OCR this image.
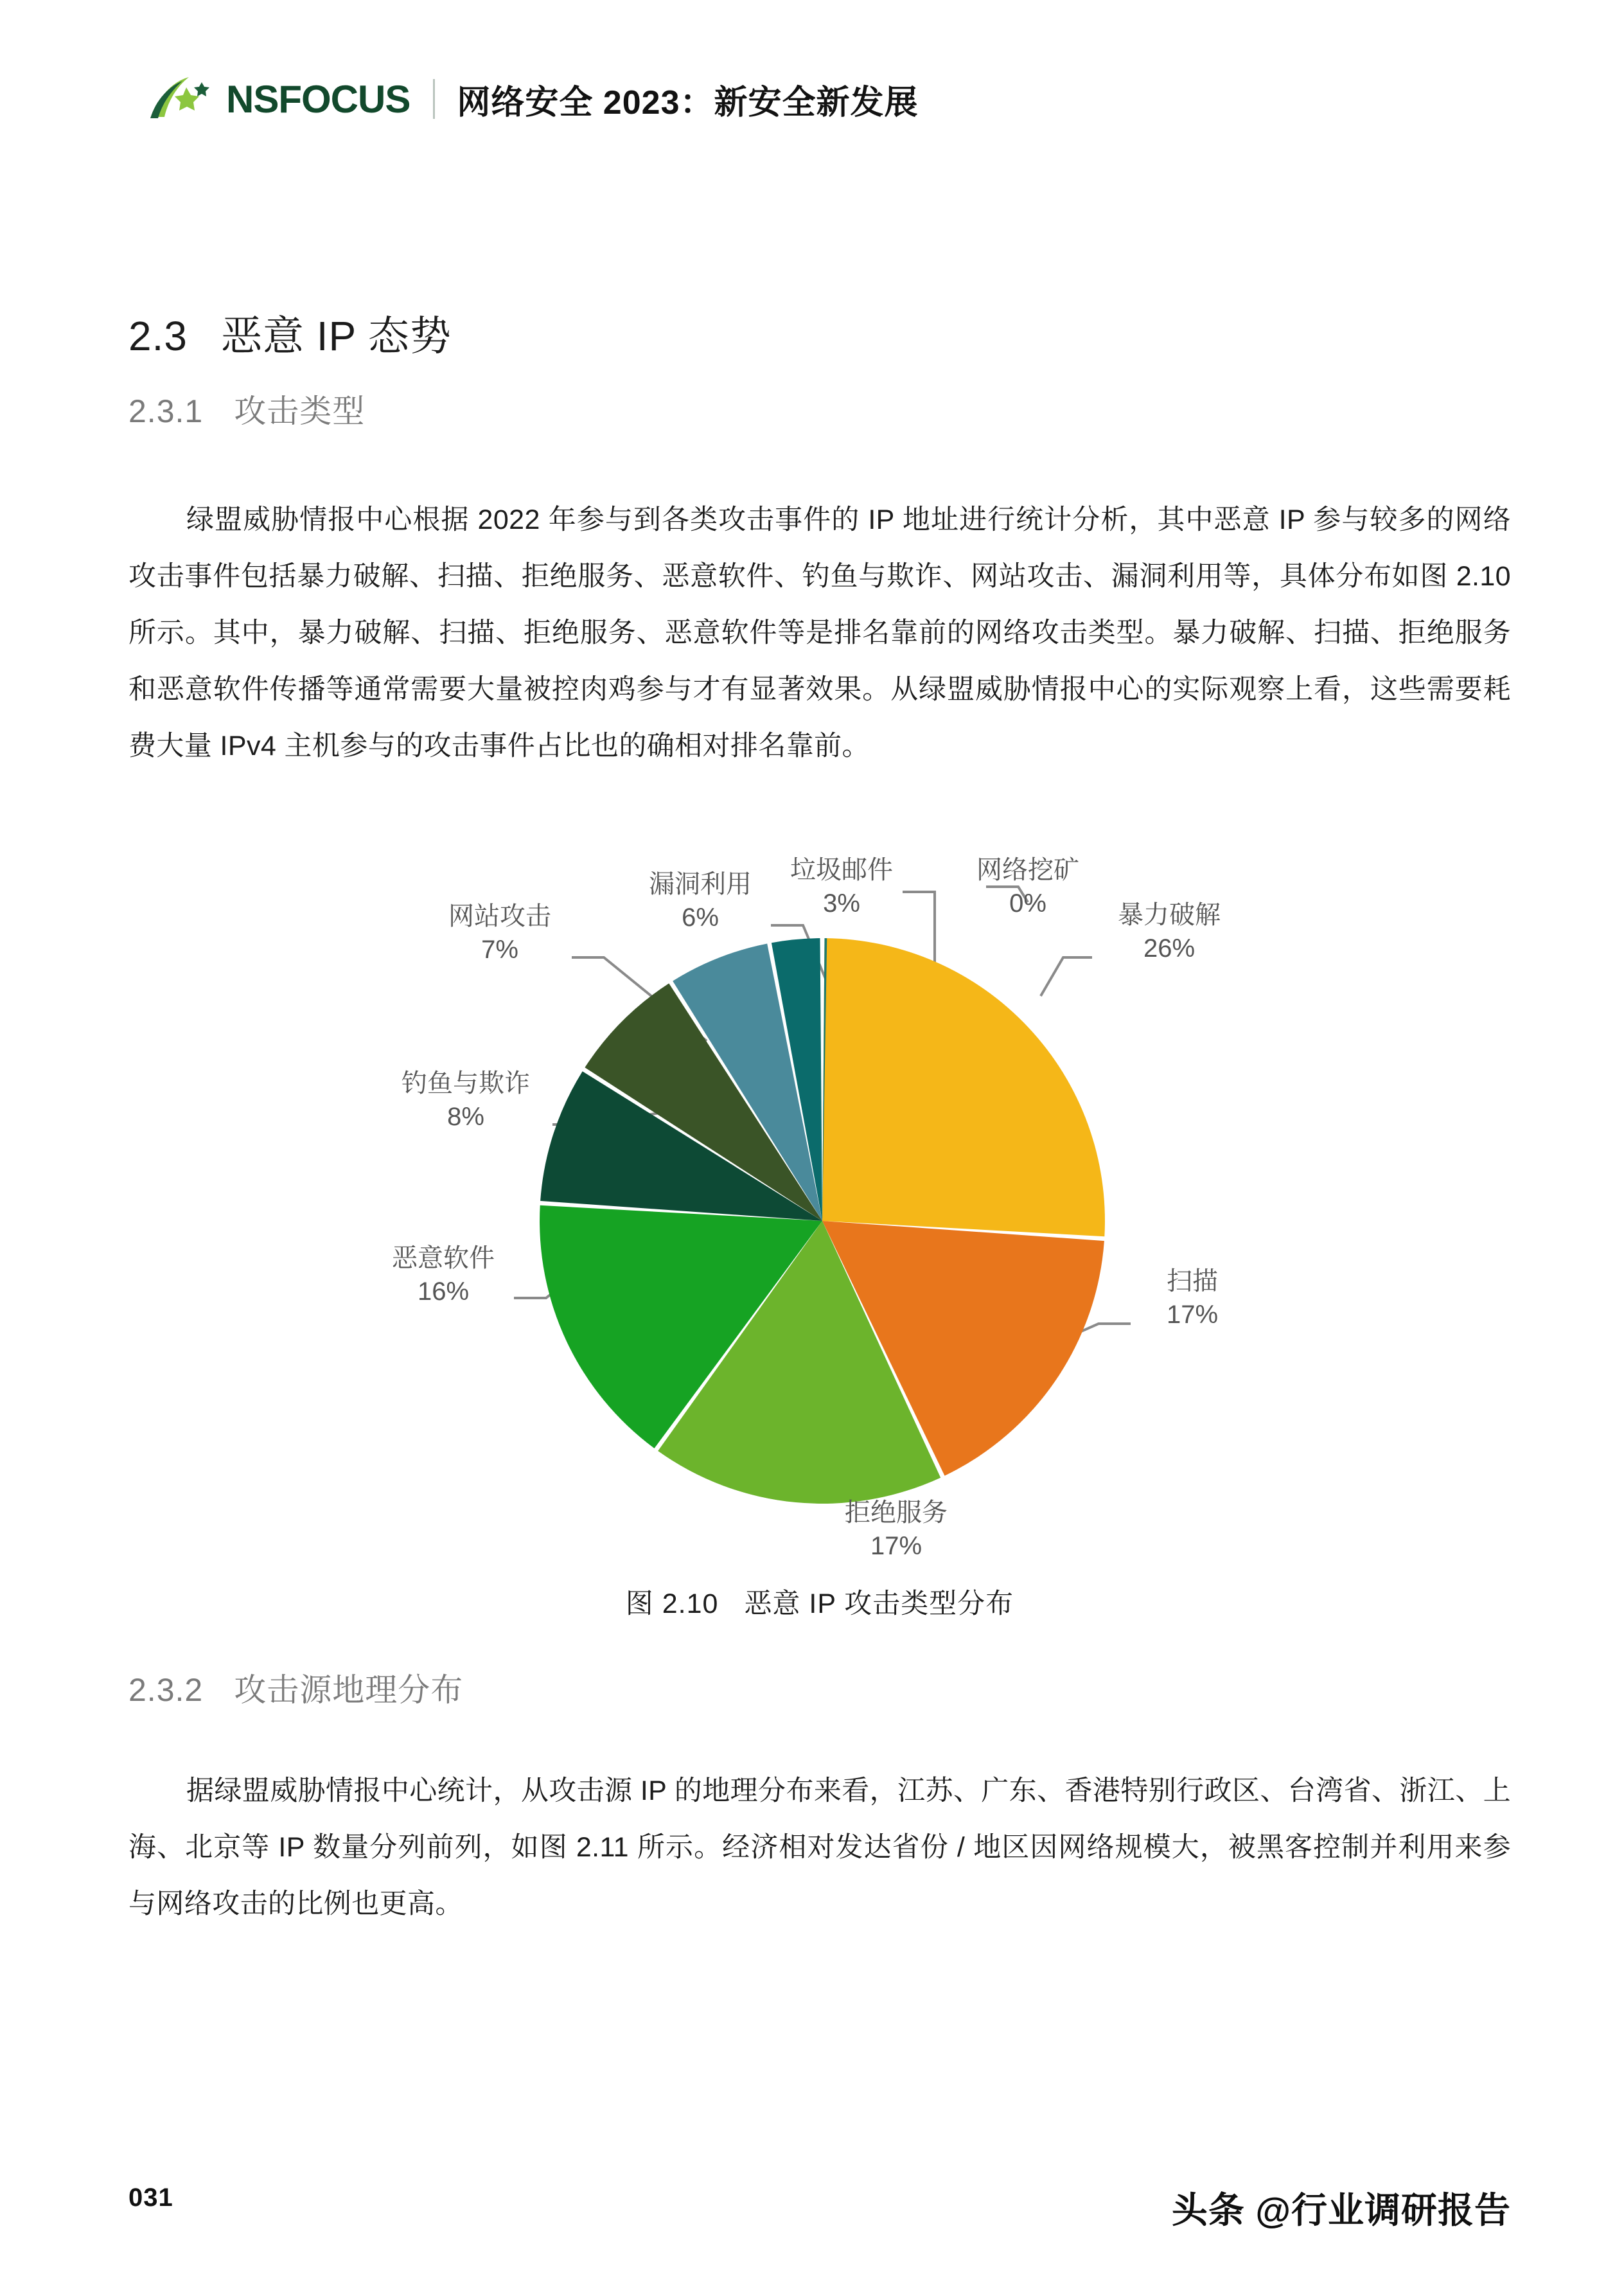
NSFOCUS 网络安全 2023：新安全新发展
2.3 恶意 IP 态势
2.3.1 攻击类型

绿盟威胁情报中心根据 2022 年参与到各类攻击事件的 IP 地址进行统计分析，其中恶意 IP 参与较多的网络攻击事件包括暴力破解、扫描、拒绝服务、恶意软件、钓鱼与欺诈、网站攻击、漏洞利用等，具体分布如图 2.10 所示。其中，暴力破解、扫描、拒绝服务、恶意软件等是排名靠前的网络攻击类型。暴力破解、扫描、拒绝服务和恶意软件传播等通常需要大量被控肉鸡参与才有显著效果。从绿盟威胁情报中心的实际观察上看，这些需要耗费大量 IPv4 主机参与的攻击事件占比也的确相对排名靠前。

网络挖矿
0%
垃圾邮件
3%
漏洞利用
6%
网站攻击
7%
钓鱼与欺诈
8%
恶意软件
16%
暴力破解
26%
扫描
17%
拒绝服务
17%
图 2.10 恶意 IP 攻击类型分布
2.3.2 攻击源地理分布

据绿盟威胁情报中心统计，从攻击源 IP 的地理分布来看，江苏、广东、香港特别行政区、台湾省、浙江、上海、北京等 IP 数量分列前列，如图 2.11 所示。经济相对发达省份 / 地区因网络规模大，被黑客控制并利用来参与网络攻击的比例也更高。

031	头条 @行业调研报告
